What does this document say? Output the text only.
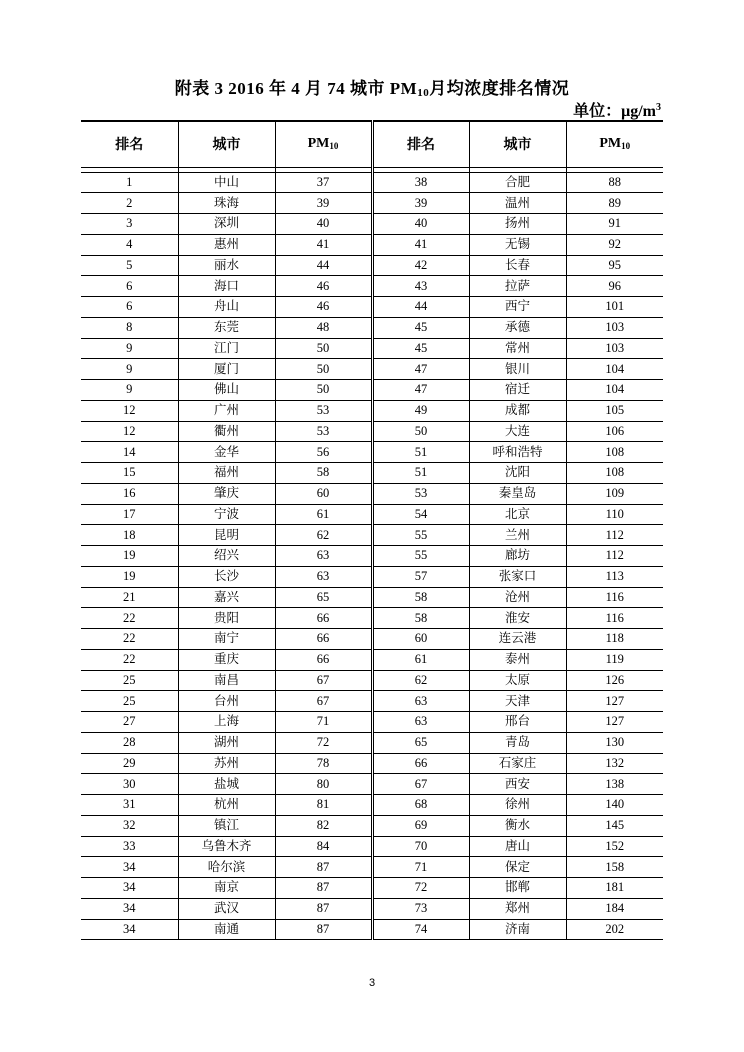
附表 3 2016 年 4 月 74 城市 $PM_{10}$月均浓度排名情况
单位：$\mu g/m^3$
排名	城市	$PM_{10}$	排名	城市	$PM_{10}$

1	中山	37	38	合肥	88
2	珠海	39	39	温州	89
3	深圳	40	40	扬州	91
4	惠州	41	41	无锡	92
5	丽水	44	42	长春	95
6	海口	46	43	拉萨	96
6	舟山	46	44	西宁	101
8	东莞	48	45	承德	103
9	江门	50	45	常州	103
9	厦门	50	47	银川	104
9	佛山	50	47	宿迁	104
12	广州	53	49	成都	105
12	衢州	53	50	大连	106
14	金华	56	51	呼和浩特	108
15	福州	58	51	沈阳	108
16	肇庆	60	53	秦皇岛	109
17	宁波	61	54	北京	110
18	昆明	62	55	兰州	112
19	绍兴	63	55	廊坊	112
19	长沙	63	57	张家口	113
21	嘉兴	65	58	沧州	116
22	贵阳	66	58	淮安	116
22	南宁	66	60	连云港	118
22	重庆	66	61	泰州	119
25	南昌	67	62	太原	126
25	台州	67	63	天津	127
27	上海	71	63	邢台	127
28	湖州	72	65	青岛	130
29	苏州	78	66	石家庄	132
30	盐城	80	67	西安	138
31	杭州	81	68	徐州	140
32	镇江	82	69	衡水	145
33	乌鲁木齐	84	70	唐山	152
34	哈尔滨	87	71	保定	158
34	南京	87	72	邯郸	181
34	武汉	87	73	郑州	184
34	南通	87	74	济南	202
3
